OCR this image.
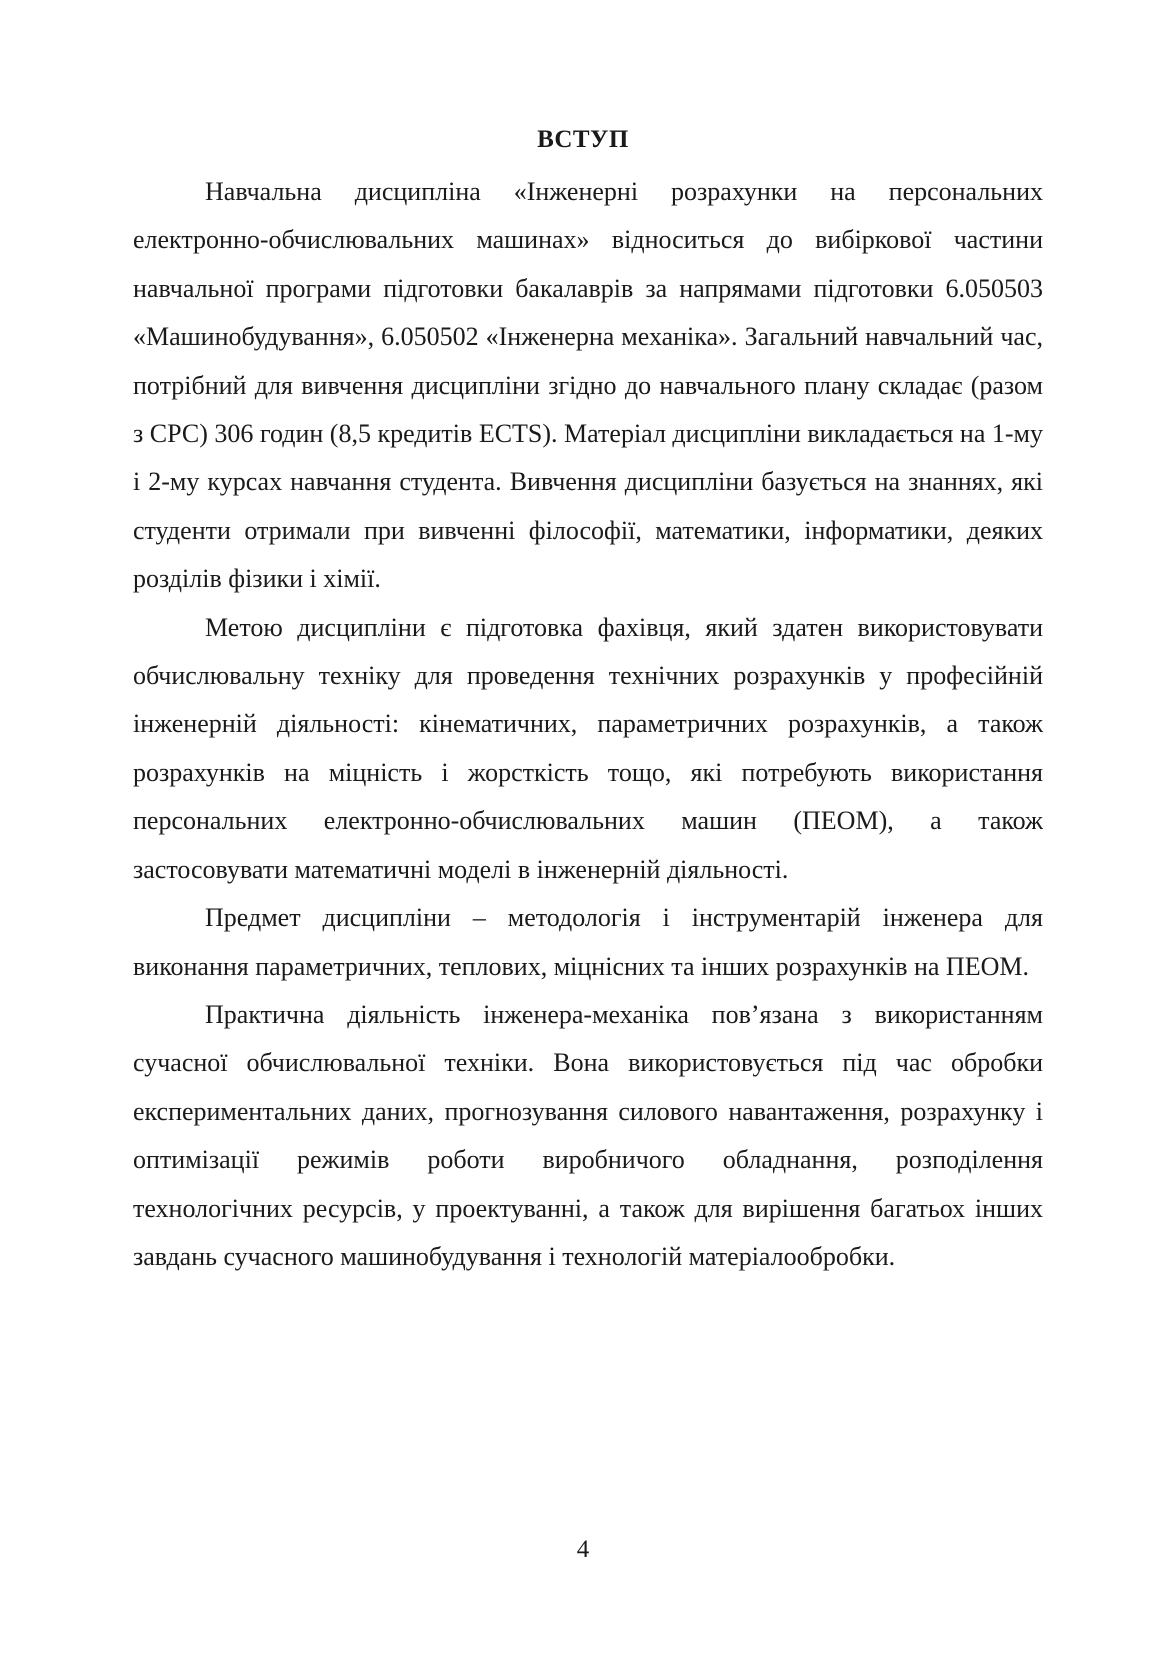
ВСТУП

Навчальна дисципліна «Інженерні розрахунки на персональних електронно-обчислювальних машинах» відноситься до вибіркової частини навчальної програми підготовки бакалаврів за напрямами підготовки 6.050503 «Машинобудування», 6.050502 «Інженерна механіка». Загальний навчальний час, потрібний для вивчення дисципліни згідно до навчального плану складає (разом з СРС) 306 годин (8,5 кредитів ECTS). Матеріал дисципліни викладається на 1-му і 2-му курсах навчання студента. Вивчення дисципліни базується на знаннях, які студенти отримали при вивченні філософії, математики, інформатики, деяких розділів фізики і хімії.

Метою дисципліни є підготовка фахівця, який здатен використовувати обчислювальну техніку для проведення технічних розрахунків у професійній інженерній діяльності: кінематичних, параметричних розрахунків, а також розрахунків на міцність і жорсткість тощо, які потребують використання персональних електронно-обчислювальних машин (ПЕОМ), а також застосовувати математичні моделі в інженерній діяльності.

Предмет дисципліни – методологія і інструментарій інженера для виконання параметричних, теплових, міцнісних та інших розрахунків на ПЕОМ.

Практична діяльність інженера-механіка пов’язана з використанням сучасної обчислювальної техніки. Вона використовується під час обробки експериментальних даних, прогнозування силового навантаження, розрахунку і оптимізації режимів роботи виробничого обладнання, розподілення технологічних ресурсів, у проектуванні, а також для вирішення багатьох інших завдань сучасного машинобудування і технологій матеріалообробки.

4
